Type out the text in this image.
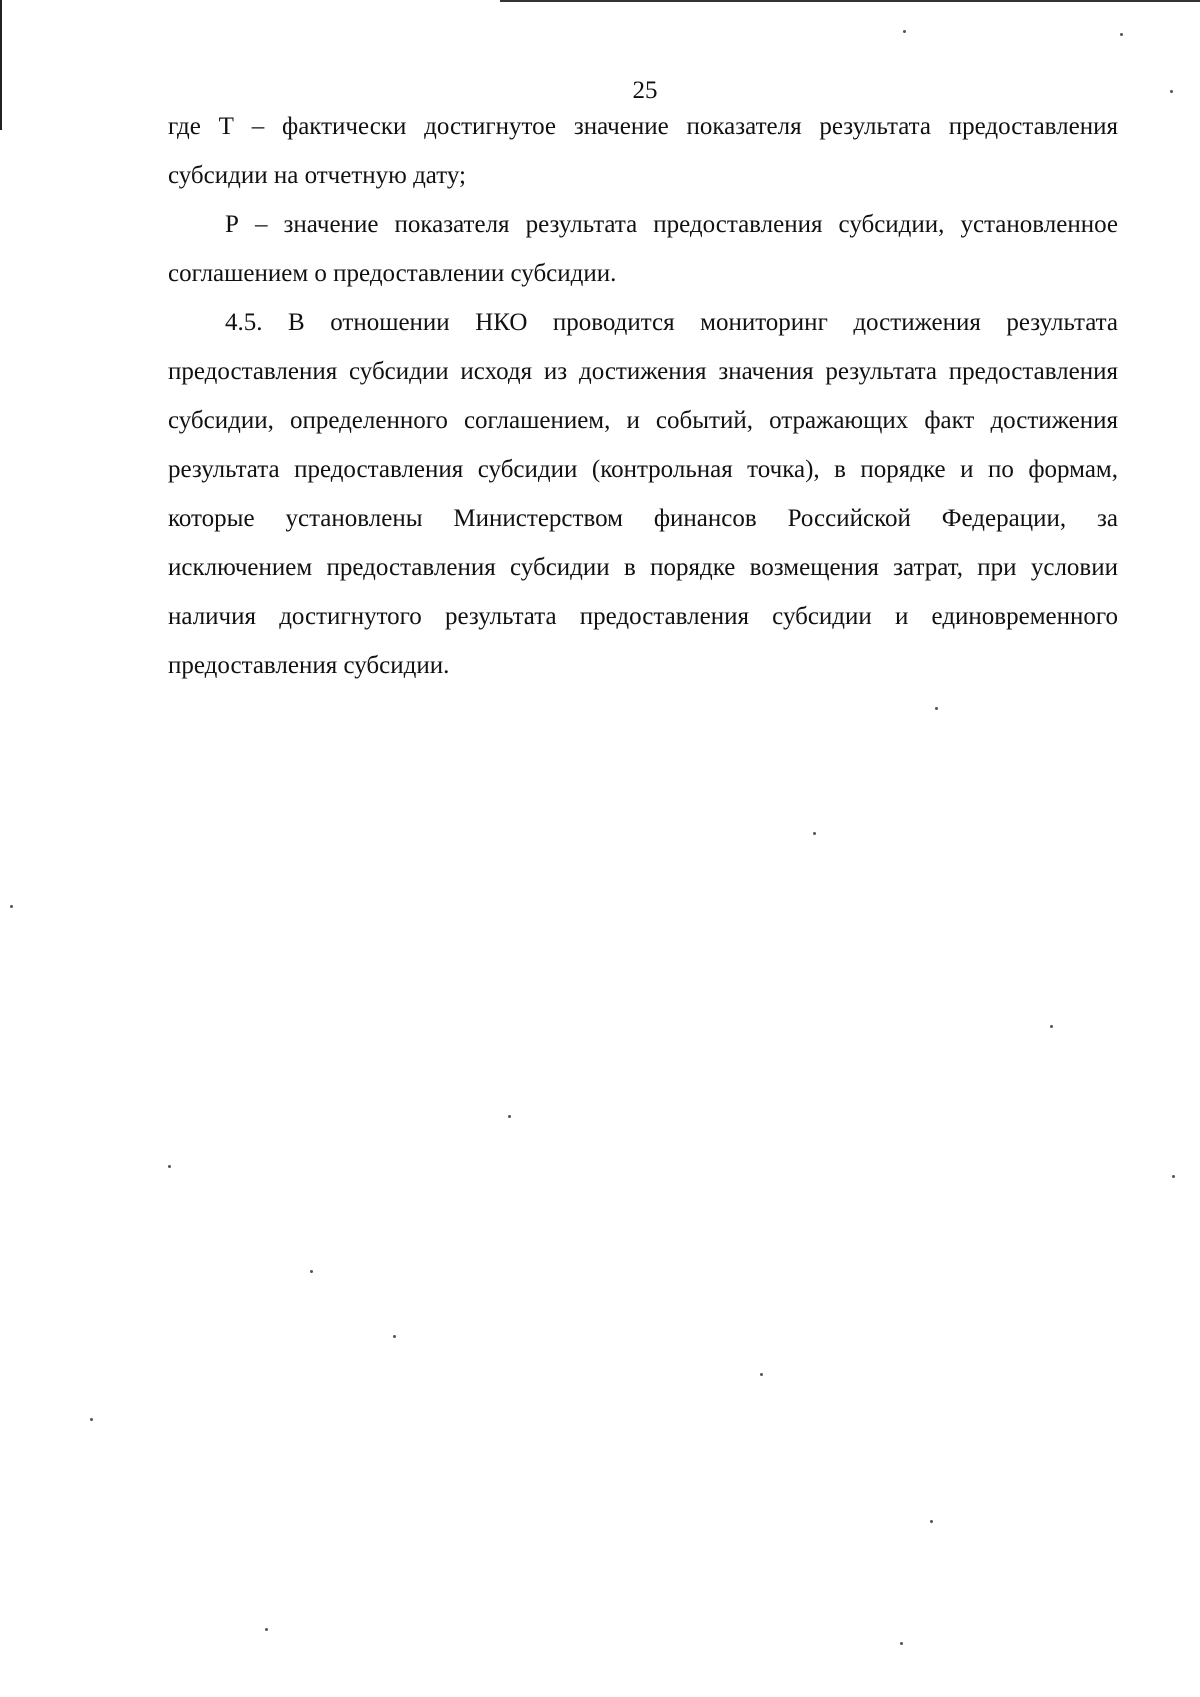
25

где Т – фактически достигнутое значение показателя результата предоставления субсидии на отчетную дату;

Р – значение показателя результата предоставления субсидии, установленное соглашением о предоставлении субсидии.

4.5. В отношении НКО проводится мониторинг достижения результата предоставления субсидии исходя из достижения значения результата предоставления субсидии, определенного соглашением, и событий, отражающих факт достижения результата предоставления субсидии (контрольная точка), в порядке и по формам, которые установлены Министерством финансов Российской Федерации, за исключением предоставления субсидии в порядке возмещения затрат, при условии наличия достигнутого результата предоставления субсидии и единовременного предоставления субсидии.
